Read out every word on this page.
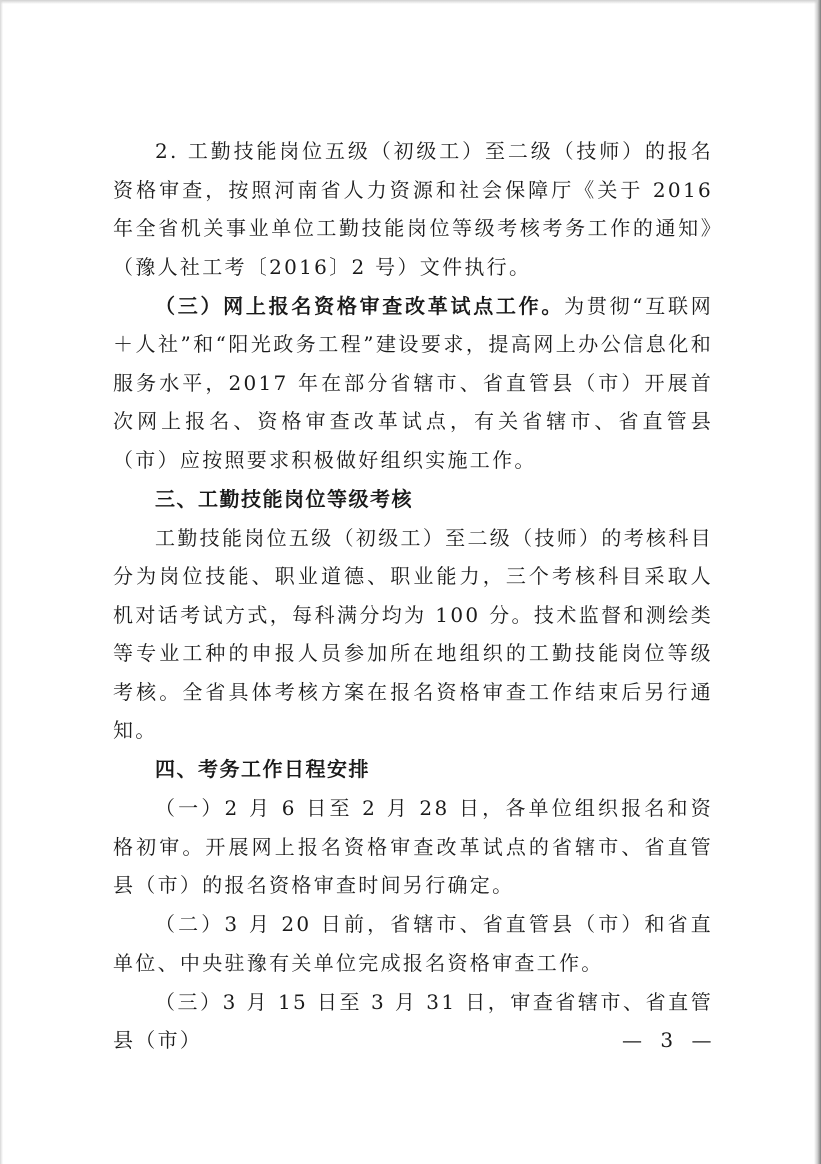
2. 工勤技能岗位五级（初级工）至二级（技师）的报名资格审查，按照河南省人力资源和社会保障厅《关于 2016 年全省机关事业单位工勤技能岗位等级考核考务工作的通知》（豫人社工考〔2016〕2 号）文件执行。

（三）网上报名资格审查改革试点工作。为贯彻“互联网＋人社”和“阳光政务工程”建设要求，提高网上办公信息化和服务水平，2017 年在部分省辖市、省直管县（市）开展首次网上报名、资格审查改革试点，有关省辖市、省直管县（市）应按照要求积极做好组织实施工作。

三、工勤技能岗位等级考核

工勤技能岗位五级（初级工）至二级（技师）的考核科目分为岗位技能、职业道德、职业能力，三个考核科目采取人机对话考试方式，每科满分均为 100 分。技术监督和测绘类等专业工种的申报人员参加所在地组织的工勤技能岗位等级考核。全省具体考核方案在报名资格审查工作结束后另行通知。

四、考务工作日程安排

（一）2 月 6 日至 2 月 28 日，各单位组织报名和资格初审。开展网上报名资格审查改革试点的省辖市、省直管县（市）的报名资格审查时间另行确定。

（二）3 月 20 日前，省辖市、省直管县（市）和省直单位、中央驻豫有关单位完成报名资格审查工作。

（三）3 月 15 日至 3 月 31 日，审查省辖市、省直管县（市）	— 3 —
